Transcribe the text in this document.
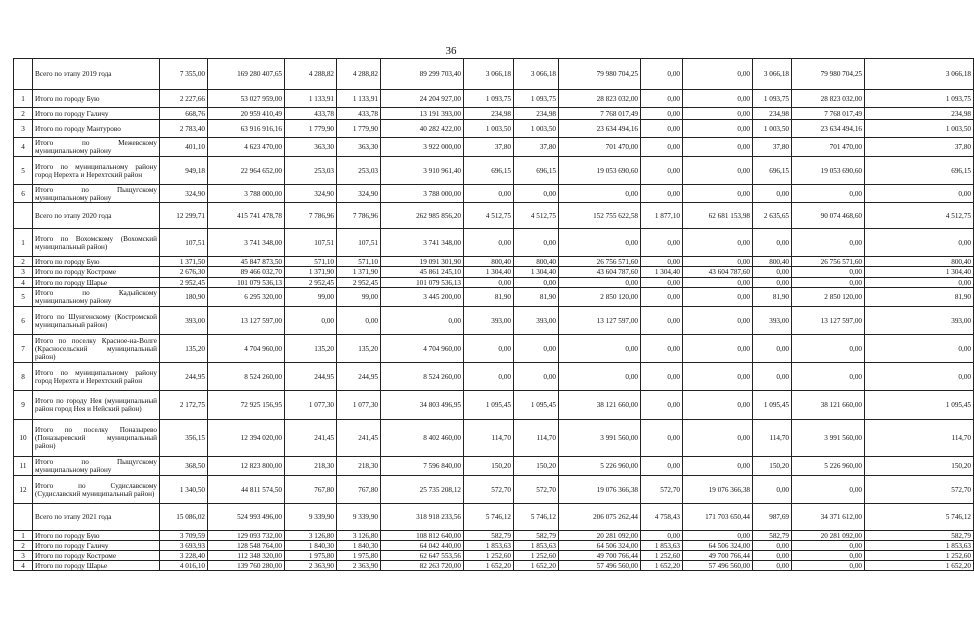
36
	Всего по этапу 2019 года	7 355,00	169 280 407,65	4 288,82	4 288,82	89 299 703,40	3 066,18	3 066,18	79 980 704,25	0,00	0,00	3 066,18	79 980 704,25	3 066,18
1	Итого по городу Бую	2 227,66	53 027 959,00	1 133,91	1 133,91	24 204 927,00	1 093,75	1 093,75	28 823 032,00	0,00	0,00	1 093,75	28 823 032,00	1 093,75
2	Итого по городу Галичу	668,76	20 959 410,49	433,78	433,78	13 191 393,00	234,98	234,98	7 768 017,49	0,00	0,00	234,98	7 768 017,49	234,98
3	Итого по городу Мантурово	2 783,40	63 916 916,16	1 779,90	1 779,90	40 282 422,00	1 003,50	1 003,50	23 634 494,16	0,00	0,00	1 003,50	23 634 494,16	1 003,50
4	Итого по Межевскому муниципальному району	401,10	4 623 470,00	363,30	363,30	3 922 000,00	37,80	37,80	701 470,00	0,00	0,00	37,80	701 470,00	37,80
5	Итого по муниципальному району город Нерехта и Нерехтский район	949,18	22 964 652,00	253,03	253,03	3 910 961,40	696,15	696,15	19 053 690,60	0,00	0,00	696,15	19 053 690,60	696,15
6	Итого по Пыщугскому муниципальному району	324,90	3 788 000,00	324,90	324,90	3 788 000,00	0,00	0,00	0,00	0,00	0,00	0,00	0,00	0,00
	Всего по этапу 2020 года	12 299,71	415 741 478,78	7 786,96	7 786,96	262 985 856,20	4 512,75	4 512,75	152 755 622,58	1 877,10	62 681 153,98	2 635,65	90 074 468,60	4 512,75
1	Итого по Вохомскому (Вохомский муниципальный район)	107,51	3 741 348,00	107,51	107,51	3 741 348,00	0,00	0,00	0,00	0,00	0,00	0,00	0,00	0,00
2	Итого по городу Бую	1 371,50	45 847 873,50	571,10	571,10	19 091 301,90	800,40	800,40	26 756 571,60	0,00	0,00	800,40	26 756 571,60	800,40
3	Итого по городу Костроме	2 676,30	89 466 032,70	1 371,90	1 371,90	45 861 245,10	1 304,40	1 304,40	43 604 787,60	1 304,40	43 604 787,60	0,00	0,00	1 304,40
4	Итого по городу Шарье	2 952,45	101 079 536,13	2 952,45	2 952,45	101 079 536,13	0,00	0,00	0,00	0,00	0,00	0,00	0,00	0,00
5	Итого по Кадыйскому муниципальному району	180,90	6 295 320,00	99,00	99,00	3 445 200,00	81,90	81,90	2 850 120,00	0,00	0,00	81,90	2 850 120,00	81,90
6	Итого по Шунгенскому (Костромской муниципальный район)	393,00	13 127 597,00	0,00	0,00	0,00	393,00	393,00	13 127 597,00	0,00	0,00	393,00	13 127 597,00	393,00
7	Итого по поселку Красное-на-Волге (Красносельский муниципальный район)	135,20	4 704 960,00	135,20	135,20	4 704 960,00	0,00	0,00	0,00	0,00	0,00	0,00	0,00	0,00
8	Итого по муниципальному району город Нерехта и Нерехтский район	244,95	8 524 260,00	244,95	244,95	8 524 260,00	0,00	0,00	0,00	0,00	0,00	0,00	0,00	0,00
9	Итого по городу Нея (муниципальный район город Нея и Нейский район)	2 172,75	72 925 156,95	1 077,30	1 077,30	34 803 496,95	1 095,45	1 095,45	38 121 660,00	0,00	0,00	1 095,45	38 121 660,00	1 095,45
10	Итого по поселку Поназырево (Поназыревский муниципальный район)	356,15	12 394 020,00	241,45	241,45	8 402 460,00	114,70	114,70	3 991 560,00	0,00	0,00	114,70	3 991 560,00	114,70
11	Итого по Пыщугскому муниципальному району	368,50	12 823 800,00	218,30	218,30	7 596 840,00	150,20	150,20	5 226 960,00	0,00	0,00	150,20	5 226 960,00	150,20
12	Итого по Судиславскому (Судиславский муниципальный район)	1 340,50	44 811 574,50	767,80	767,80	25 735 208,12	572,70	572,70	19 076 366,38	572,70	19 076 366,38	0,00	0,00	572,70
	Всего по этапу 2021 года	15 086,02	524 993 496,00	9 339,90	9 339,90	318 918 233,56	5 746,12	5 746,12	206 075 262,44	4 758,43	171 703 650,44	987,69	34 371 612,00	5 746,12
1	Итого по городу Бую	3 709,59	129 093 732,00	3 126,80	3 126,80	108 812 640,00	582,79	582,79	20 281 092,00	0,00	0,00	582,79	20 281 092,00	582,79
2	Итого по городу Галичу	3 693,93	128 548 764,00	1 840,30	1 840,30	64 042 440,00	1 853,63	1 853,63	64 506 324,00	1 853,63	64 506 324,00	0,00	0,00	1 853,63
3	Итого по городу Костроме	3 228,40	112 348 320,00	1 975,80	1 975,80	62 647 553,56	1 252,60	1 252,60	49 700 766,44	1 252,60	49 700 766,44	0,00	0,00	1 252,60
4	Итого по городу Шарье	4 016,10	139 760 280,00	2 363,90	2 363,90	82 263 720,00	1 652,20	1 652,20	57 496 560,00	1 652,20	57 496 560,00	0,00	0,00	1 652,20
